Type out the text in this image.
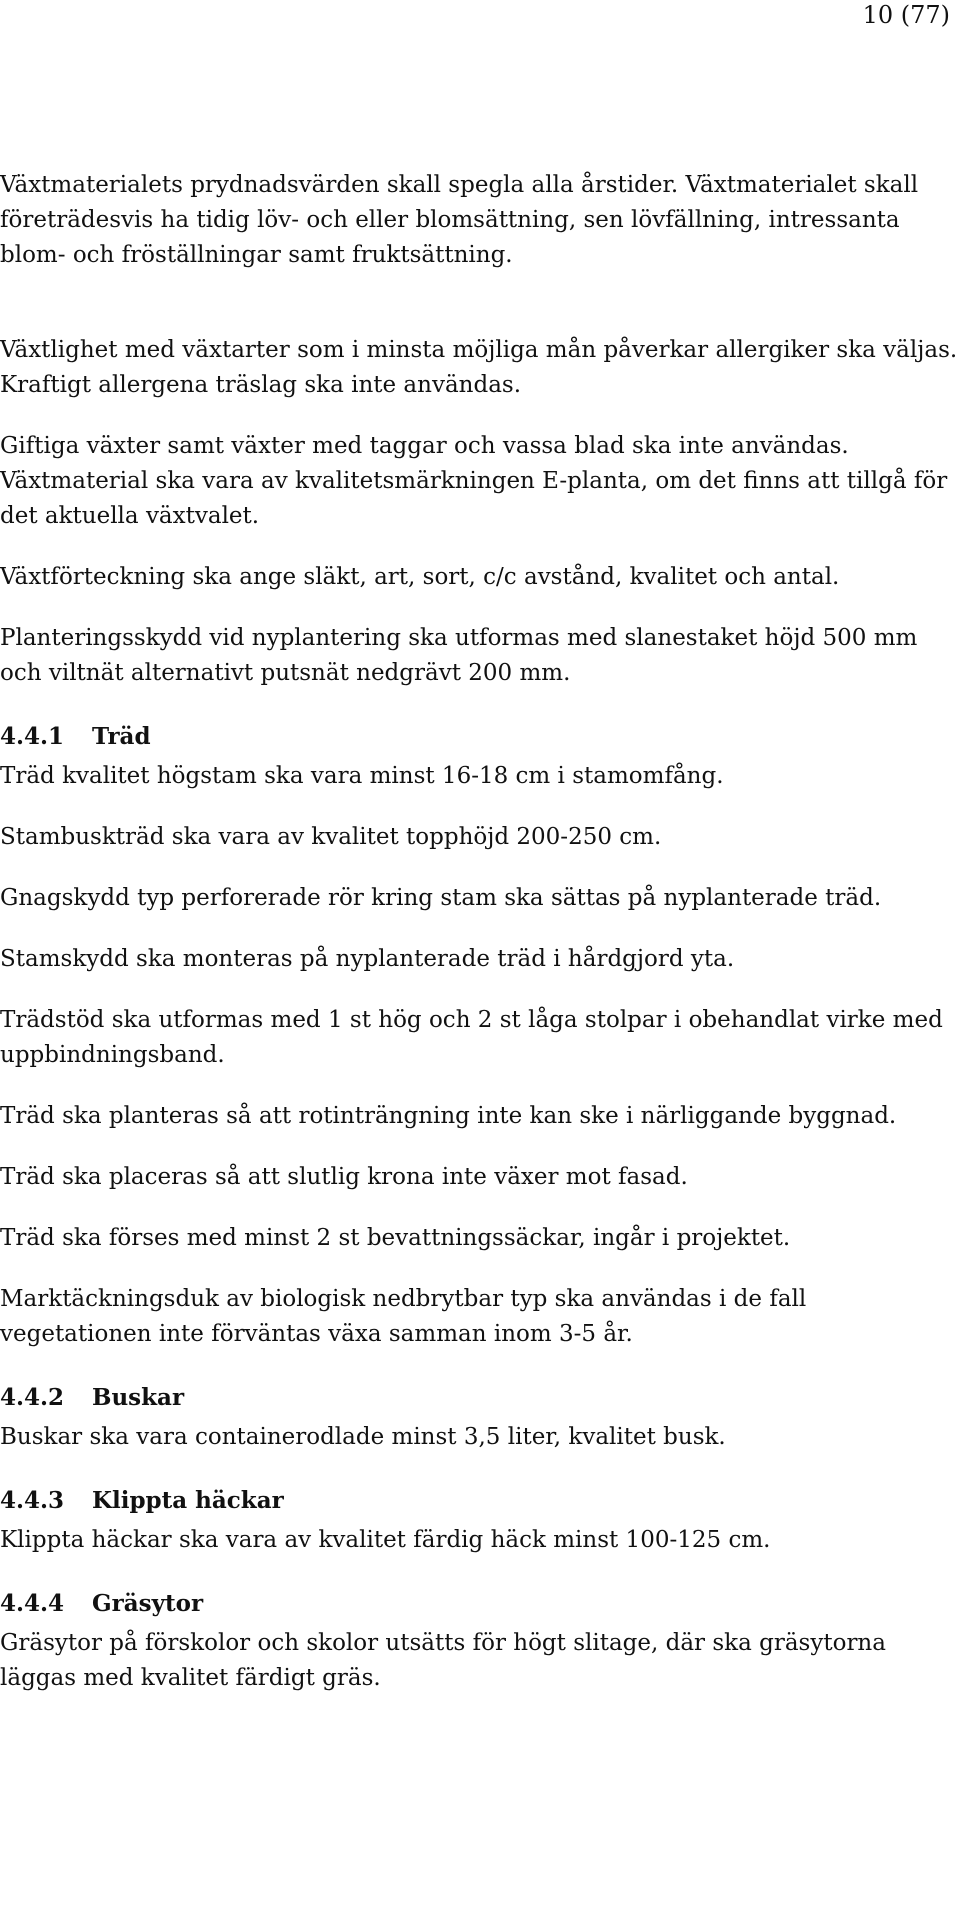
10 (77)

Växtmaterialets prydnadsvärden skall spegla alla årstider. Växtmaterialet skall företrädesvis ha tidig löv- och eller blomsättning, sen lövfällning, intressanta blom- och fröställningar samt fruktsättning.

Växtlighet med växtarter som i minsta möjliga mån påverkar allergiker ska väljas. Kraftigt allergena träslag ska inte användas.

Giftiga växter samt växter med taggar och vassa blad ska inte användas.

Växtmaterial ska vara av kvalitetsmärkningen E-planta, om det finns att tillgå för det aktuella växtvalet.

Växtförteckning ska ange släkt, art, sort, c/c avstånd, kvalitet och antal.

Planteringsskydd vid nyplantering ska utformas med slanestaket höjd 500 mm och viltnät alternativt putsnät nedgrävt 200 mm.

4.4.1 Träd

Träd kvalitet högstam ska vara minst 16-18 cm i stamomfång.

Stambuskträd ska vara av kvalitet topphöjd 200-250 cm.

Gnagskydd typ perforerade rör kring stam ska sättas på nyplanterade träd.

Stamskydd ska monteras på nyplanterade träd i hårdgjord yta.

Trädstöd ska utformas med 1 st hög och 2 st låga stolpar i obehandlat virke med uppbindningsband.

Träd ska planteras så att rotinträngning inte kan ske i närliggande byggnad.

Träd ska placeras så att slutlig krona inte växer mot fasad.

Träd ska förses med minst 2 st bevattningssäckar, ingår i projektet.

Marktäckningsduk av biologisk nedbrytbar typ ska användas i de fall vegetationen inte förväntas växa samman inom 3-5 år.

4.4.2 Buskar

Buskar ska vara containerodlade minst 3,5 liter, kvalitet busk.

4.4.3 Klippta häckar

Klippta häckar ska vara av kvalitet färdig häck minst 100-125 cm.

4.4.4 Gräsytor

Gräsytor på förskolor och skolor utsätts för högt slitage, där ska gräsytorna läggas med kvalitet färdigt gräs.
